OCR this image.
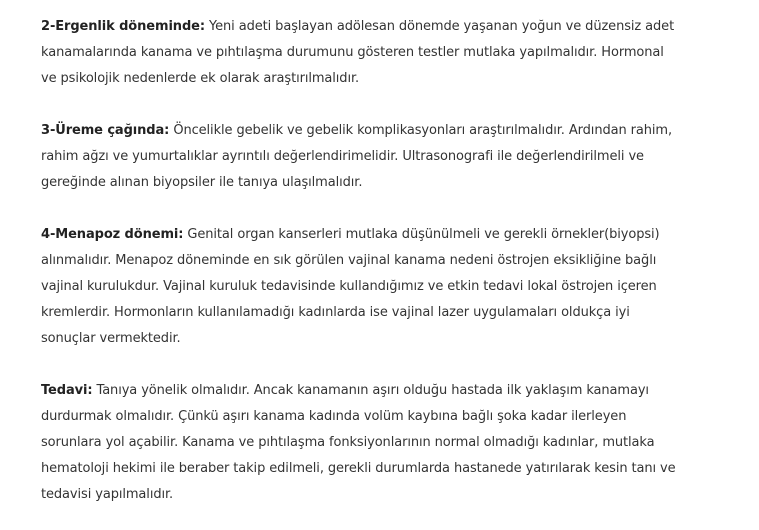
2-Ergenlik döneminde: Yeni adeti başlayan adölesan dönemde yaşanan yoğun ve düzensiz adet
kanamalarında kanama ve pıhtılaşma durumunu gösteren testler mutlaka yapılmalıdır. Hormonal
ve psikolojik nedenlerde ek olarak araştırılmalıdır.

3-Üreme çağında: Öncelikle gebelik ve gebelik komplikasyonları araştırılmalıdır. Ardından rahim,
rahim ağzı ve yumurtalıklar ayrıntılı değerlendirimelidir. Ultrasonografi ile değerlendirilmeli ve
gereğinde alınan biyopsiler ile tanıya ulaşılmalıdır.

4-Menapoz dönemi: Genital organ kanserleri mutlaka düşünülmeli ve gerekli örnekler(biyopsi)
alınmalıdır. Menapoz döneminde en sık görülen vajinal kanama nedeni östrojen eksikliğine bağlı
vajinal kurulukdur. Vajinal kuruluk tedavisinde kullandığımız ve etkin tedavi lokal östrojen içeren
kremlerdir. Hormonların kullanılamadığı kadınlarda ise vajinal lazer uygulamaları oldukça iyi
sonuçlar vermektedir.

Tedavi: Tanıya yönelik olmalıdır. Ancak kanamanın aşırı olduğu hastada ilk yaklaşım kanamayı
durdurmak olmalıdır. Çünkü aşırı kanama kadında volüm kaybına bağlı şoka kadar ilerleyen
sorunlara yol açabilir. Kanama ve pıhtılaşma fonksiyonlarının normal olmadığı kadınlar, mutlaka
hematoloji hekimi ile beraber takip edilmeli, gerekli durumlarda hastanede yatırılarak kesin tanı ve
tedavisi yapılmalıdır.
